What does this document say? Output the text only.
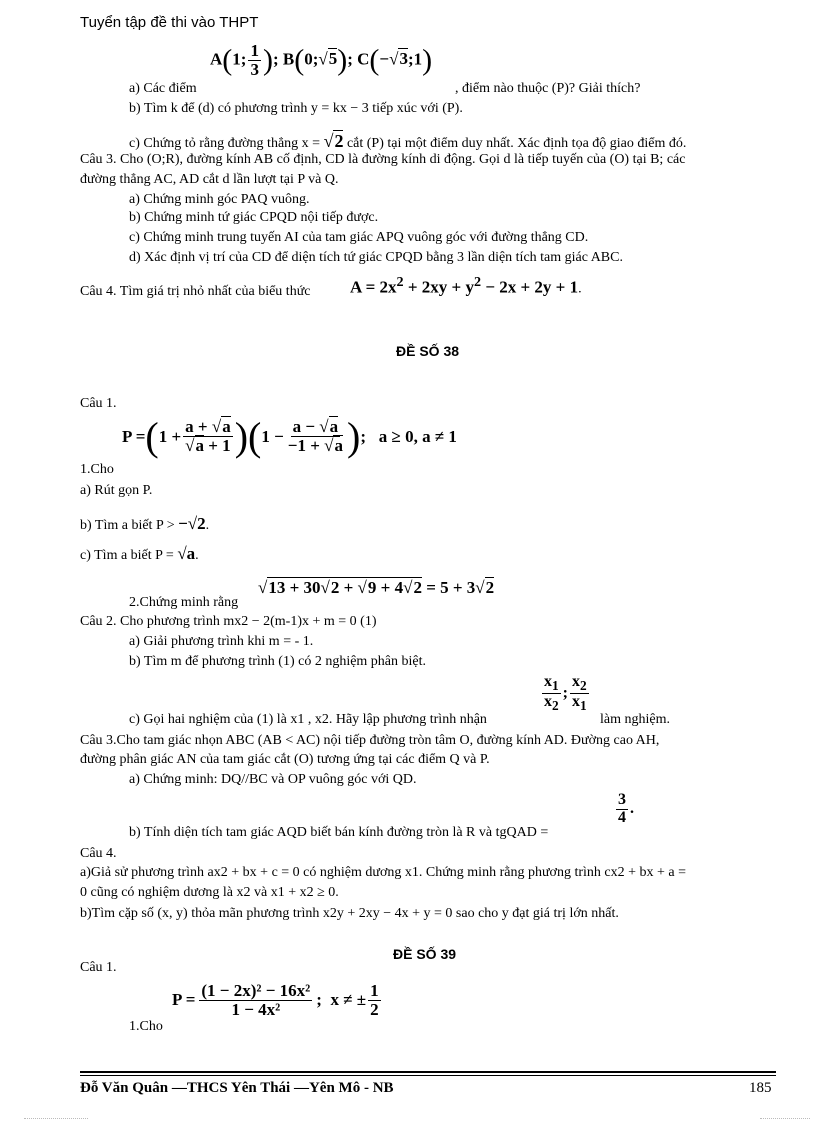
Tuyển tập đề thi vào THPT
A(1; $\frac{1}{3}$ ); B(0;√5); C(−√3;1)
a) Các điểm	, điểm nào thuộc (P)? Giải thích?
b) Tìm k để (d) có phương trình y = kx − 3 tiếp xúc với (P).
c) Chứng tỏ rằng đường thẳng x = √2 cắt (P) tại một điểm duy nhất. Xác định tọa độ giao điểm đó.
Câu 3. Cho (O;R), đường kính AB cố định, CD là đường kính di động. Gọi d là tiếp tuyến của (O) tại B; các
đường thẳng AC, AD cắt d lần lượt tại P và Q.
a) Chứng minh góc PAQ vuông.
b) Chứng minh tứ giác CPQD nội tiếp được.
c) Chứng minh trung tuyến AI của tam giác APQ vuông góc với đường thẳng CD.
d) Xác định vị trí của CD để diện tích tứ giác CPQD bằng 3 lần diện tích tam giác ABC.
Câu 4. Tìm giá trị nhỏ nhất của biểu thức $A = 2x^2 + 2xy + y^2 - 2x + 2y + 1$.
ĐỀ SỐ 38
Câu 1.
P = ( $1 + \frac{a + √a}{√a + 1}$ )( $1 - \frac{a - √a}{-1 + √a}$ ) ; a ≥ 0, a ≠ 1
1.Cho
a) Rút gọn P.
b) Tìm a biết P > −√2.
c) Tìm a biết P = √a.
2.Chứng minh rằng
√13 + 30√2 + √9 + 4√2 = 5 + 3√2
Câu 2. Cho phương trình mx2 − 2(m-1)x + m = 0 (1)
a) Giải phương trình khi m = - 1.
b) Tìm m để phương trình (1) có 2 nghiệm phân biệt.
$\frac{x_1}{x_2}$ ; $\frac{x_2}{x_1}$
c) Gọi hai nghiệm của (1) là x1 , x2. Hãy lập phương trình nhận	làm nghiệm.
Câu 3.Cho tam giác nhọn ABC (AB < AC) nội tiếp đường tròn tâm O, đường kính AD. Đường cao AH,
đường phân giác AN của tam giác cắt (O) tương ứng tại các điểm Q và P.
a) Chứng minh: DQ//BC và OP vuông góc với QD.
$\frac{3}{4}$ .
b) Tính diện tích tam giác AQD biết bán kính đường tròn là R và tgQAD =
Câu 4.
a)Giả sử phương trình ax2 + bx + c = 0 có nghiệm dương x1. Chứng minh rằng phương trình cx2 + bx + a =
0 cũng có nghiệm dương là x2 và x1 + x2 ≥ 0.
b)Tìm cặp số (x, y) thỏa mãn phương trình x2y + 2xy − 4x + y = 0 sao cho y đạt giá trị lớn nhất.
ĐỀ SỐ 39
Câu 1.
$P = \frac{\text{(1 − 2x)² − 16x²}}{\text{1 − 4x²}}$ ; x ≠ ± $\frac{1}{2}$
1.Cho
Đỗ Văn Quân —THCS Yên Thái —Yên Mô - NB	185
